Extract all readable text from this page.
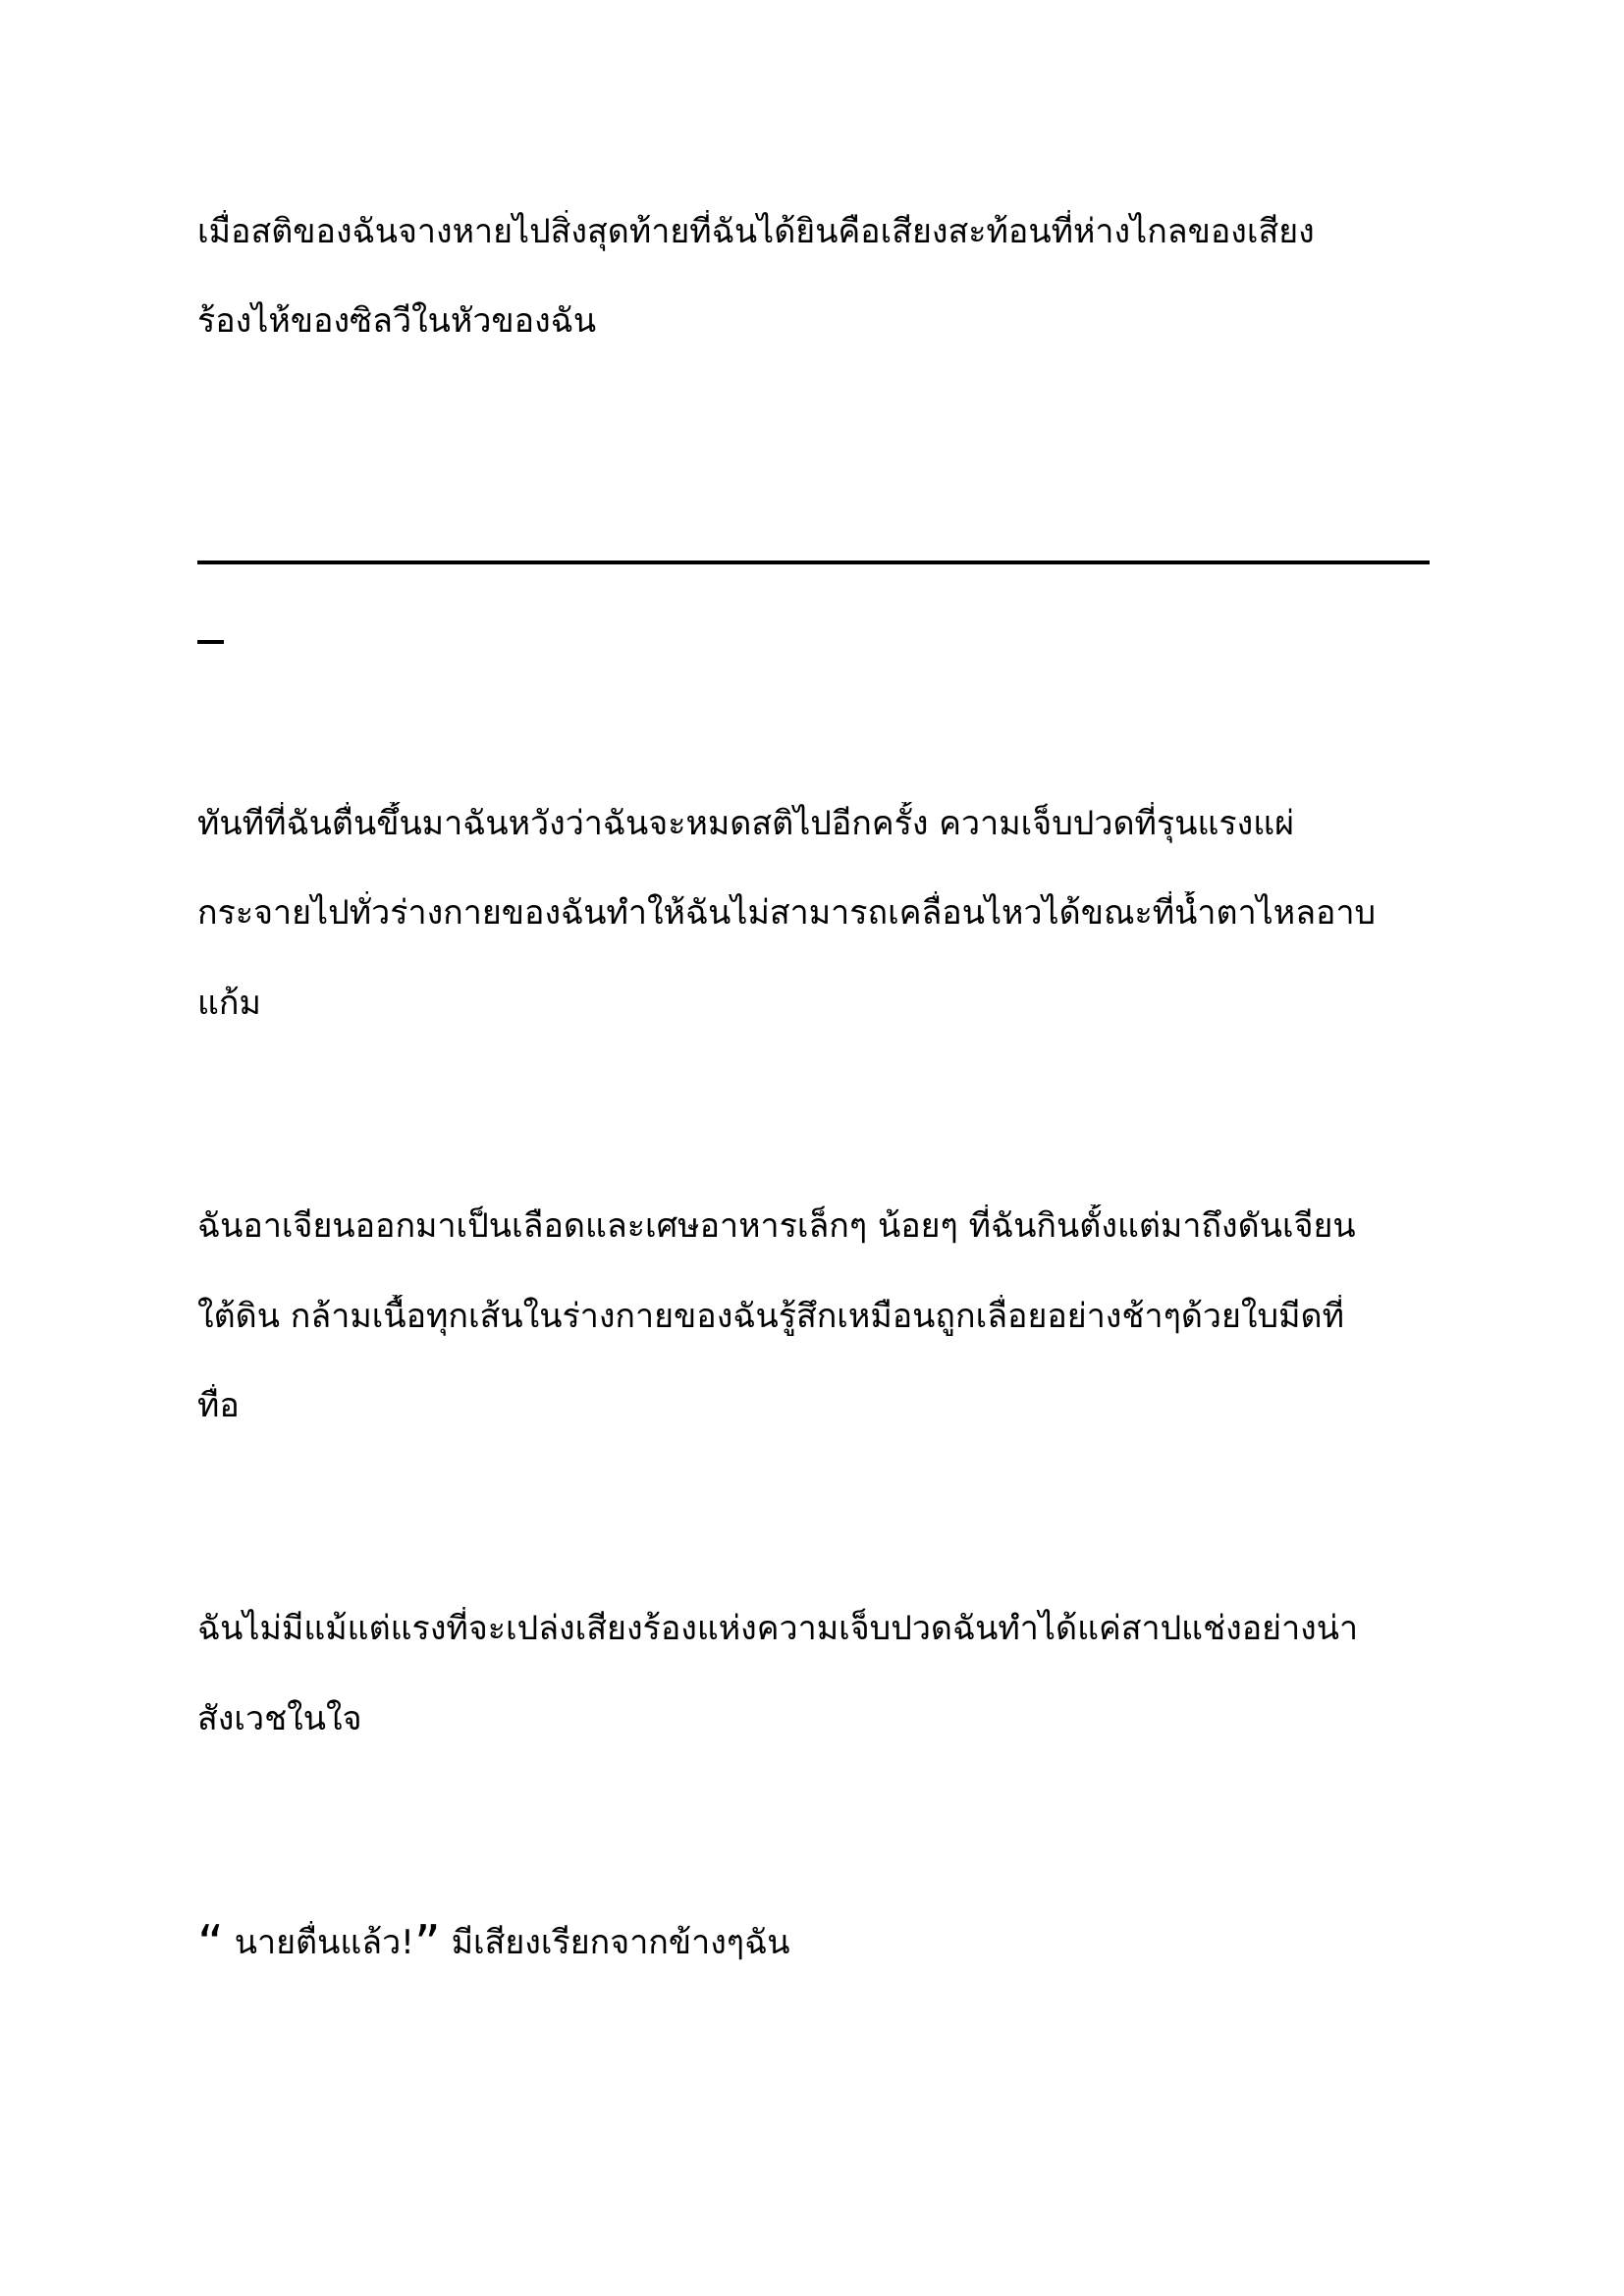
เมื่อสติของฉันจางหายไปสิ่งสุดท้ายที่ฉันได้ยินคือเสียงสะท้อนที่ห่างไกลของเสียง
ร้องไห้ของซิลวีในหัวของฉัน
ทันทีที่ฉันตื่นขึ้นมาฉันหวังว่าฉันจะหมดสติไปอีกครั้ง ความเจ็บปวดที่รุนแรงแผ่
กระจายไปทั่วร่างกายของฉันทำให้ฉันไม่สามารถเคลื่อนไหวได้ขณะที่น้ำตาไหลอาบ
แก้ม
ฉันอาเจียนออกมาเป็นเลือดและเศษอาหารเล็กๆ น้อยๆ ที่ฉันกินตั้งแต่มาถึงดันเจียน
ใต้ดิน กล้ามเนื้อทุกเส้นในร่างกายของฉันรู้สึกเหมือนถูกเลื่อยอย่างช้าๆด้วยใบมีดที่
ทื่อ
ฉันไม่มีแม้แต่แรงที่จะเปล่งเสียงร้องแห่งความเจ็บปวดฉันทำได้แค่สาปแช่งอย่างน่า
สังเวชในใจ
“ นายตื่นแล้ว!” มีเสียงเรียกจากข้างๆฉัน
